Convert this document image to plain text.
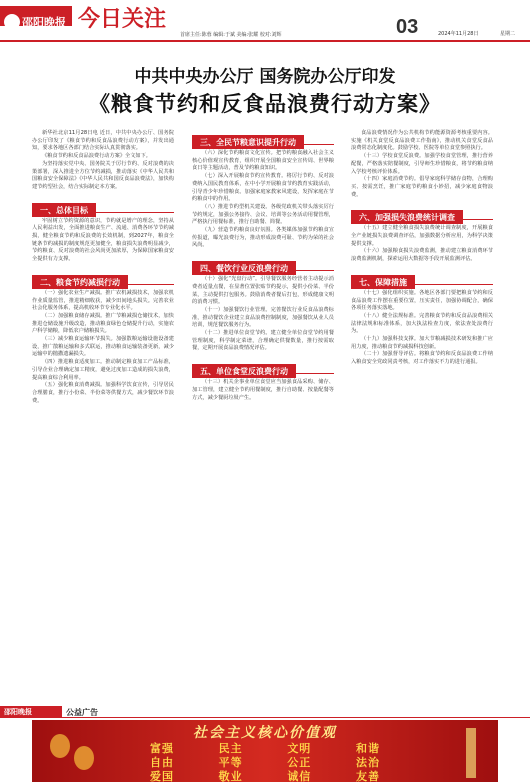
邵阳晚报 今日关注
首席主任:陈蓉 编辑:于斌 美编:张耀 校对:刘辉	03	2024年11月28日	星期二
中共中央办公厅 国务院办公厅印发
《粮食节约和反食品浪费行动方案》

新华社北京11月28日电 近日，中共中央办公厅、国务院办公厅印发了《粮食节约和反食品浪费行动方案》，并发出通知，要求各地区各部门结合实际认真贯彻落实。

《粮食节约和反食品浪费行动方案》全文如下。

为坚持落实党中央、国务院关于厉行节约、反对浪费的决策部署，深入推进全方位节约减损，推动落实《中华人民共和国粮食安全保障法》《中华人民共和国反食品浪费法》，加快构建节约型社会，结合实际制定本方案。

一、总体目标

牢固树立节约资源的意识，节约就是增产的理念，坚持从人民利益出发，全面推进粮食生产、流通、消费各环节节约减损，健全粮食节约和反浪费的长效机制，到2027年，粮食全链条节约减损的制度规范更加健全，粮食损失浪费明显减少，节约粮食、反对浪费的社会风尚更加浓厚，为保障国家粮食安全提供有力支撑。

二、粮食节约减损行动

（一）强化农业生产减损。推广农机减损技术，加强农机作业质量监管，推进精细收获，减少田间地头损失。完善农业社会化服务体系，提高机收环节专业化水平。

（二）加强粮食储存减损。推广节粮减损仓储技术，加快推进仓储设施升级改造，推动粮食绿色仓储提升行动，实施农户科学储粮，降低农户储粮损失。

（三）减少粮食运输环节损失。加强散粮运输设施设备建设，推广散粮运输和多式联运，推动粮食运输装备更新，减少运输中的抛撒遗漏损失。

（四）推进粮食适度加工。推动制定粮食加工产品标准，引导企业合理确定加工精度，避免过度加工造成的损失浪费，提高粮食综合利用率。

（五）强化粮食消费减损。加强科学饮食宣传，引导居民合理膳食，推行小份菜、半份菜等供餐方式，减少餐饮环节浪费。

三、全民节粮意识提升行动

（六）深化节约粮食文化宣传。把节约粮食融入社会主义核心价值观宣传教育，组织开展全国粮食安全宣传周、世界粮食日等主题活动，普及节约粮食知识。

（七）深入开展粮食节约宣传教育。将厉行节约、反对浪费纳入国民教育体系，在中小学开展粮食节约教育实践活动，引导青少年珍惜粮食。加强家庭家教家风建设，发挥家庭在节约粮食中的作用。

（八）推进节约型机关建设。各级党政机关带头落实厉行节约规定，加强公务接待、会议、培训等公务活动用餐管理，严格执行用餐标准，推行自助餐、简餐。

（九）营造节约粮食良好氛围。各类媒体加强节约粮食宣传报道，曝光浪费行为，推动形成浪费可耻、节约为荣的社会风尚。

四、餐饮行业反浪费行动

（十）强化“光盘行动”。引导餐饮服务经营者主动提示消费者适量点餐，在显著位置张贴节约提示，提供小份菜、半份菜，主动提供打包服务。鼓励消费者餐后打包，形成健康文明的消费习惯。

（十一）加强餐饮行业管理。完善餐饮行业反食品浪费标准，推动餐饮企业建立食品浪费控制制度，加强餐饮从业人员培训，规范餐饮服务行为。

（十二）推进单位食堂节约。建立健全单位食堂节约用餐管理制度，科学制定菜谱，合理确定供餐数量，推行按需取餐，定期开展食品浪费情况评估。

五、单位食堂反浪费行动

（十三）机关企事业单位食堂应当加强食品采购、储存、加工管理，建立健全节约用餐制度，推行自助餐、按量配餐等方式，减少餐厨垃圾产生。

食品浪费情况作为公共机构节约能源资源考核重要内容。实施《机关食堂反食品浪费工作指南》，推动机关食堂反食品浪费常态化制度化。鼓励学校、医院等单位食堂参照执行。

（十三）学校食堂反浪费。加强学校食堂管理，推行营养配餐，严格落实陪餐制度，引导师生珍惜粮食，将节约粮食纳入学校考核评价体系。

（十四）家庭消费节约。倡导家庭科学储存食物，合理购买、按需烹饪，推广家庭节约粮食小妙招，减少家庭食物浪费。

六、加强损失浪费统计调查

（十五）建立健全粮食损失浪费统计调查制度，开展粮食全产业链损失浪费调查评估，加强数据分析应用，为科学决策提供支撑。

（十六）加强粮食损失浪费监测，推动建立粮食消费环节浪费监测机制，探索运用大数据等手段开展监测评估。

七、保障措施

（十七）强化组织实施。各地区各部门要把粮食节约和反食品浪费工作摆在重要位置，压实责任，加强协调配合，确保各项任务落实落地。

（十八）健全法规标准。完善粮食节约和反食品浪费相关法律法规和标准体系，加大执法检查力度，依法查处浪费行为。

（十九）加强科技支撑。加大节粮减损技术研发和推广应用力度，推动粮食节约减损科技创新。

（二十）加强督导评估。将粮食节约和反食品浪费工作纳入粮食安全党政同责考核，对工作落实不力的进行通报。

邵阳晚报	公益广告
社会主义核心价值观
富强	民主	文明	和谐
自由	平等	公正	法治
爱国	敬业	诚信	友善
